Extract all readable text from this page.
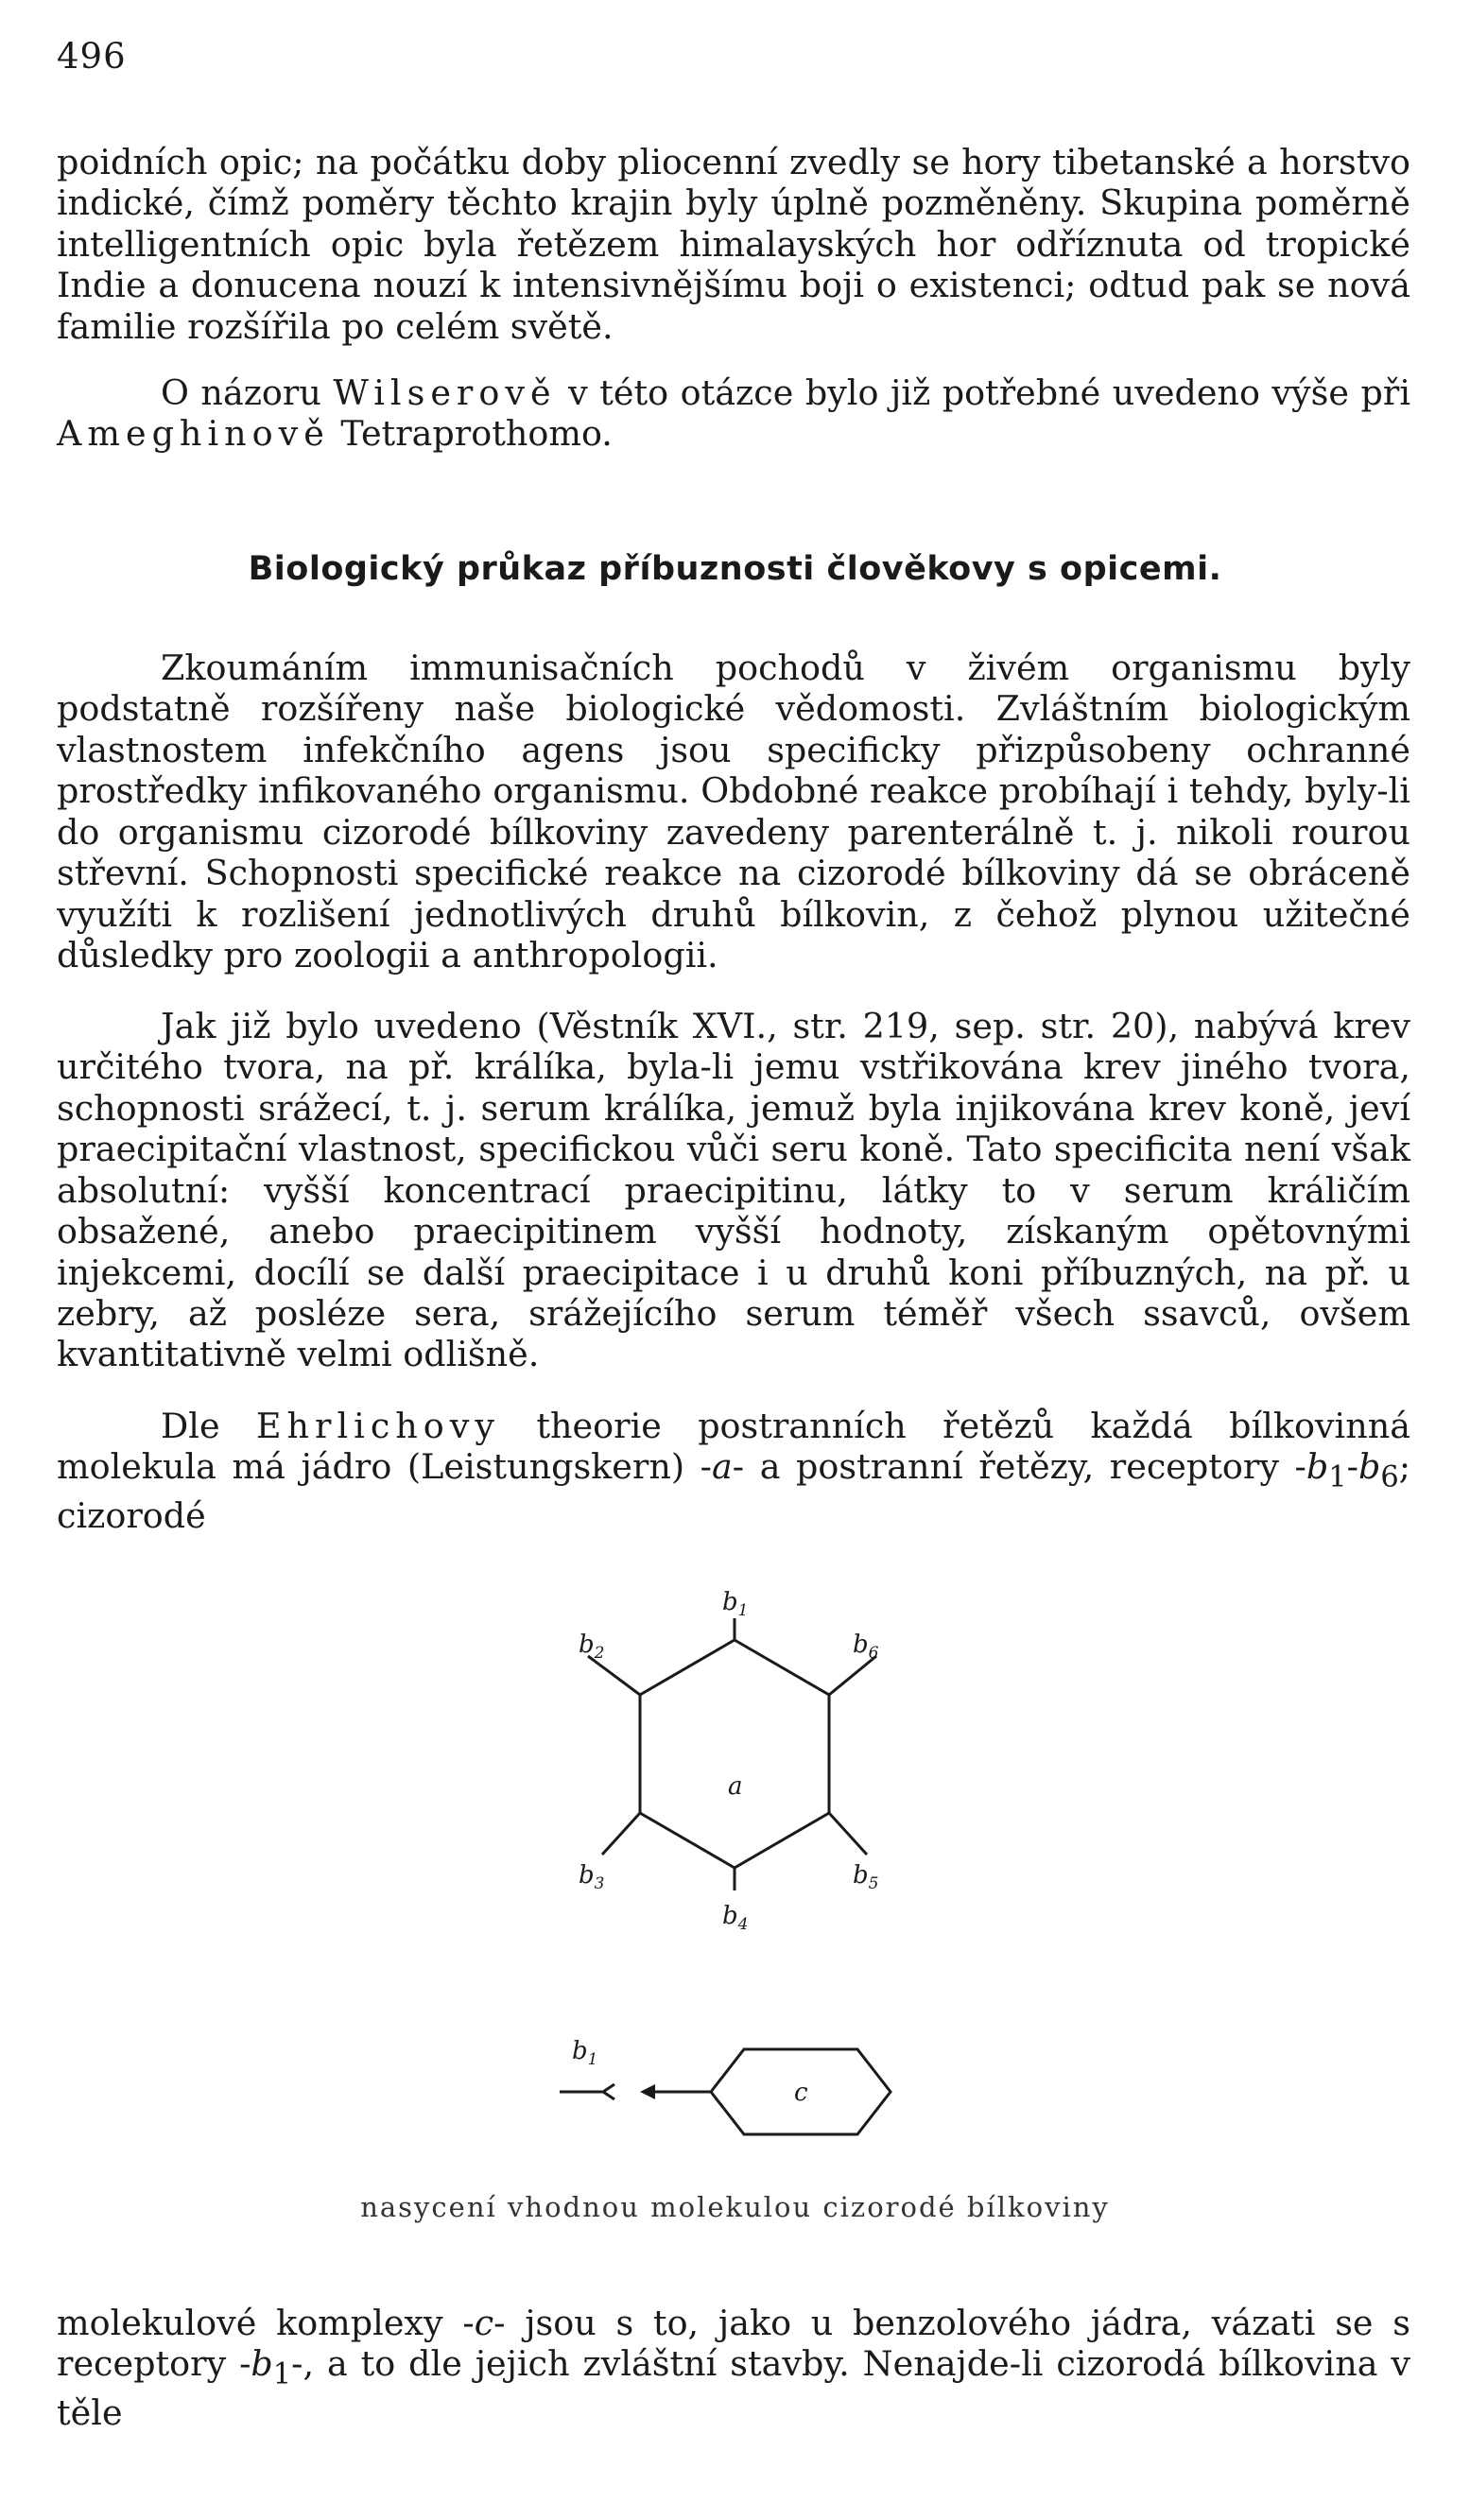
496

poidních opic; na počátku doby pliocenní zvedly se hory tibetanské a horstvo indické, čímž poměry těchto krajin byly úplně pozměněny. Skupina poměrně intelligentních opic byla řetězem himalayských hor odříznuta od tropické Indie a donucena nouzí k intensivnějšímu boji o existenci; odtud pak se nová familie rozšířila po celém světě.

O názoru Wilserově v této otázce bylo již potřebné uvedeno výše při Ameghinově Tetraprothomo.

Biologický průkaz příbuznosti člověkovy s opicemi.

Zkoumáním immunisačních pochodů v živém organismu byly podstatně rozšířeny naše biologické vědomosti. Zvláštním biologickým vlastnostem infekčního agens jsou specificky přizpůsobeny ochranné prostředky infikovaného organismu. Obdobné reakce probíhají i tehdy, byly-li do organismu cizorodé bílkoviny zavedeny parenterálně t. j. nikoli rourou střevní. Schopnosti specifické reakce na cizorodé bílkoviny dá se obráceně využíti k rozlišení jednotlivých druhů bílkovin, z čehož plynou užitečné důsledky pro zoologii a anthropologii.

Jak již bylo uvedeno (Věstník XVI., str. 219, sep. str. 20), nabývá krev určitého tvora, na př. králíka, byla-li jemu vstřikována krev jiného tvora, schopnosti srážecí, t. j. serum králíka, jemuž byla injikována krev koně, jeví praecipitační vlastnost, specifickou vůči seru koně. Tato specificita není však absolutní: vyšší koncentrací praecipitinu, látky to v serum králičím obsažené, anebo praecipitinem vyšší hodnoty, získaným opětovnými injekcemi, docílí se další praecipitace i u druhů koni příbuzných, na př. u zebry, až posléze sera, srážejícího serum téměř všech ssavců, ovšem kvantitativně velmi odlišně.

Dle Ehrlichovy theorie postranních řetězů každá bílkovinná molekula má jádro (Leistungskern) -a- a postranní řetězy, receptory $-b_1-b_6$; cizorodé

a
$b_1$
$b_2$
$b_3$
$b_4$
$b_5$
$b_6$
$b_1$
c

nasycení vhodnou molekulou cizorodé bílkoviny

molekulové komplexy -c- jsou s to, jako u benzolového jádra, vázati se s receptory $-b_1-$, a to dle jejich zvláštní stavby. Nenajde-li cizorodá bílkovina v těle
